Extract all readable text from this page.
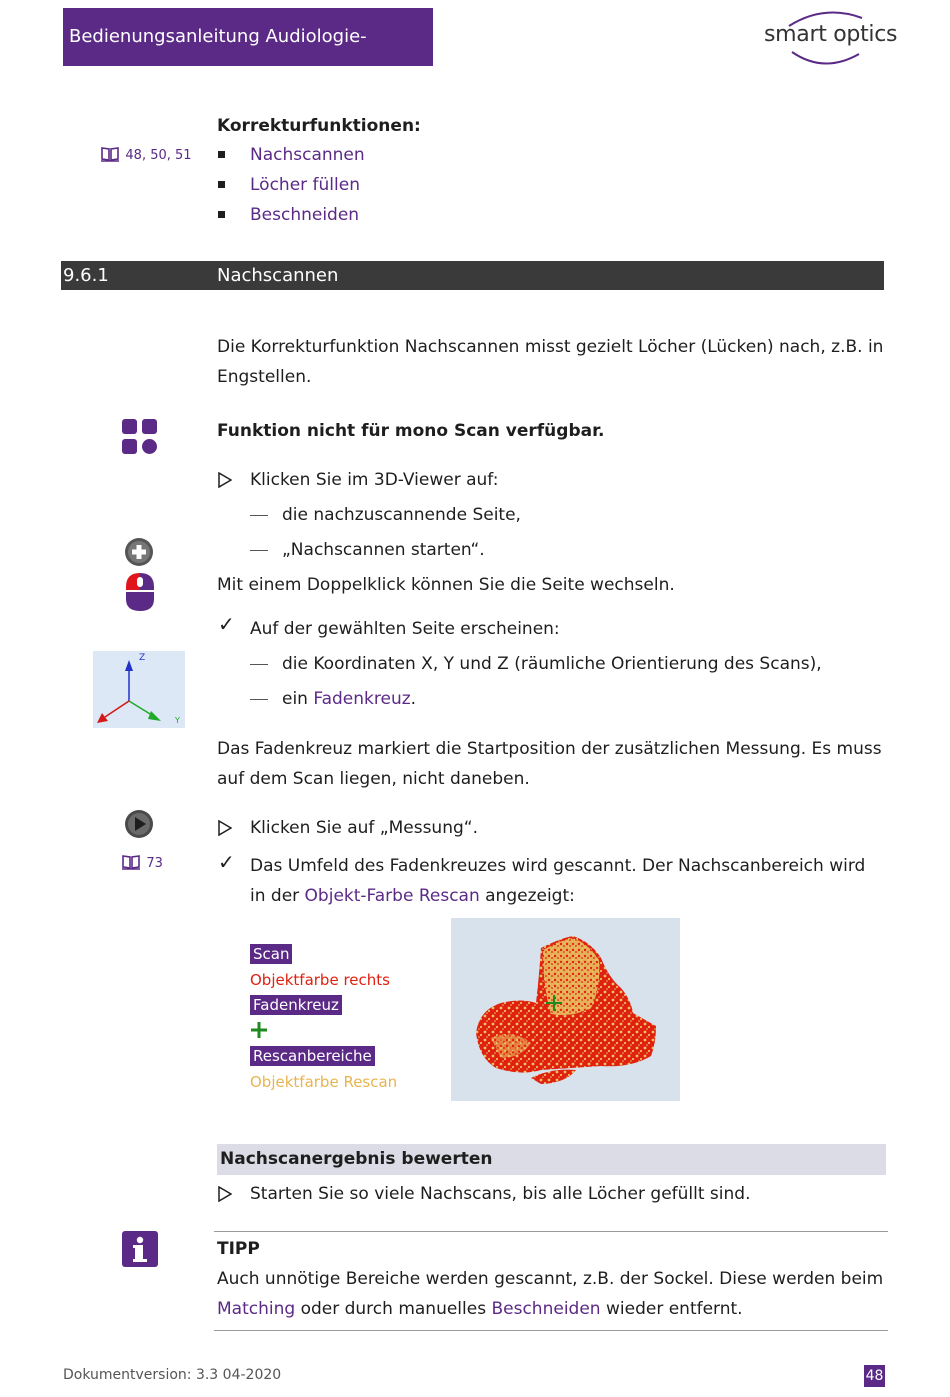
Bedienungsanleitung Audiologie-Scanner
smart optics
48, 50, 51
Korrekturfunktionen:
Nachscannen
Löcher füllen
Beschneiden
9.6.1	Nachscannen
Die Korrekturfunktion Nachscannen misst gezielt Löcher (Lücken) nach, z.B. in
Engstellen.
Funktion nicht für mono Scan verfügbar.
Klicken Sie im 3D-Viewer auf:
die nachzuscannende Seite,
„Nachscannen starten“.
Mit einem Doppelklick können Sie die Seite wechseln.
✓ Auf der gewählten Seite erscheinen:
die Koordinaten X, Y und Z (räumliche Orientierung des Scans),
ein Fadenkreuz.
Z
Y
Das Fadenkreuz markiert die Startposition der zusätzlichen Messung. Es muss
auf dem Scan liegen, nicht daneben.
Klicken Sie auf „Messung“.
73	✓ Das Umfeld des Fadenkreuzes wird gescannt. Der Nachscanbereich wird
in der Objekt-Farbe Rescan angezeigt:
Scan
Objektfarbe rechts
Fadenkreuz
Rescanbereiche
Objektfarbe Rescan
Nachscanergebnis bewerten
Starten Sie so viele Nachscans, bis alle Löcher gefüllt sind.
TIPP
Auch unnötige Bereiche werden gescannt, z.B. der Sockel. Diese werden beim
Matching oder durch manuelles Beschneiden wieder entfernt.
Dokumentversion: 3.3 04-2020	48
